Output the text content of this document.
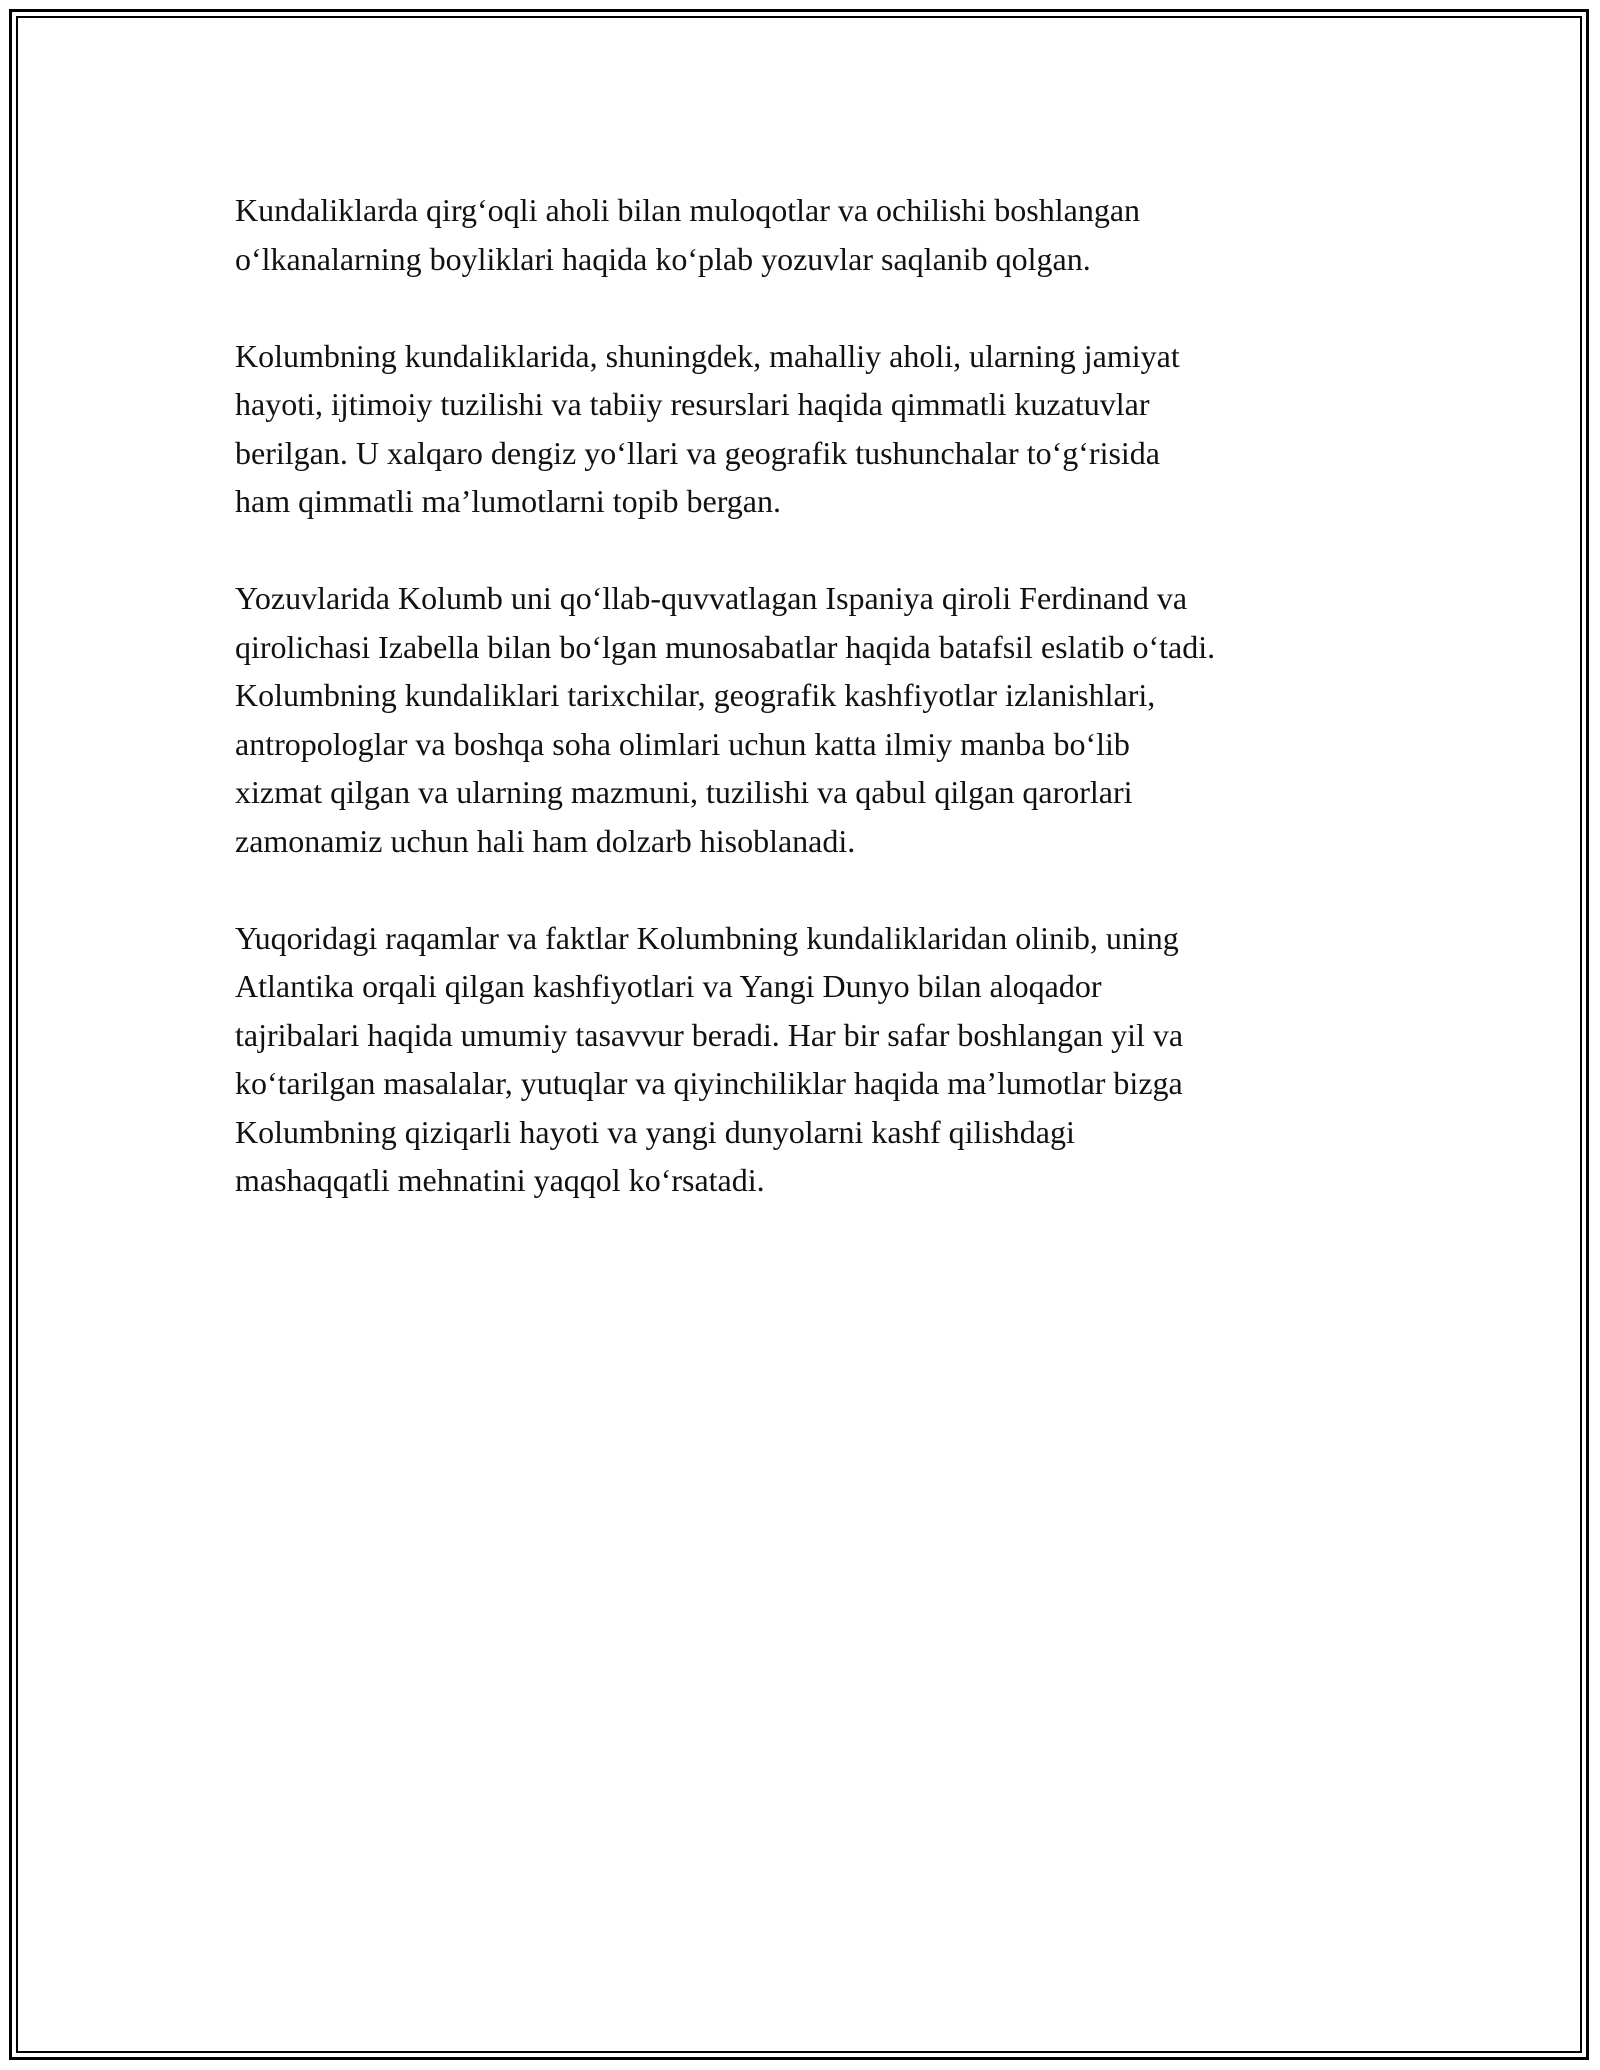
Kundaliklarda qirg‘oqli aholi bilan muloqotlar va ochilishi boshlangan
o‘lkanalarning boyliklari haqida ko‘plab yozuvlar saqlanib qolgan.

Kolumbning kundaliklarida, shuningdek, mahalliy aholi, ularning jamiyat
hayoti, ijtimoiy tuzilishi va tabiiy resurslari haqida qimmatli kuzatuvlar
berilgan. U xalqaro dengiz yo‘llari va geografik tushunchalar to‘g‘risida
ham qimmatli ma’lumotlarni topib bergan.

Yozuvlarida Kolumb uni qo‘llab-quvvatlagan Ispaniya qiroli Ferdinand va
qirolichasi Izabella bilan bo‘lgan munosabatlar haqida batafsil eslatib o‘tadi.
Kolumbning kundaliklari tarixchilar, geografik kashfiyotlar izlanishlari,
antropologlar va boshqa soha olimlari uchun katta ilmiy manba bo‘lib
xizmat qilgan va ularning mazmuni, tuzilishi va qabul qilgan qarorlari
zamonamiz uchun hali ham dolzarb hisoblanadi.

Yuqoridagi raqamlar va faktlar Kolumbning kundaliklaridan olinib, uning
Atlantika orqali qilgan kashfiyotlari va Yangi Dunyo bilan aloqador
tajribalari haqida umumiy tasavvur beradi. Har bir safar boshlangan yil va
ko‘tarilgan masalalar, yutuqlar va qiyinchiliklar haqida ma’lumotlar bizga
Kolumbning qiziqarli hayoti va yangi dunyolarni kashf qilishdagi
mashaqqatli mehnatini yaqqol ko‘rsatadi.
